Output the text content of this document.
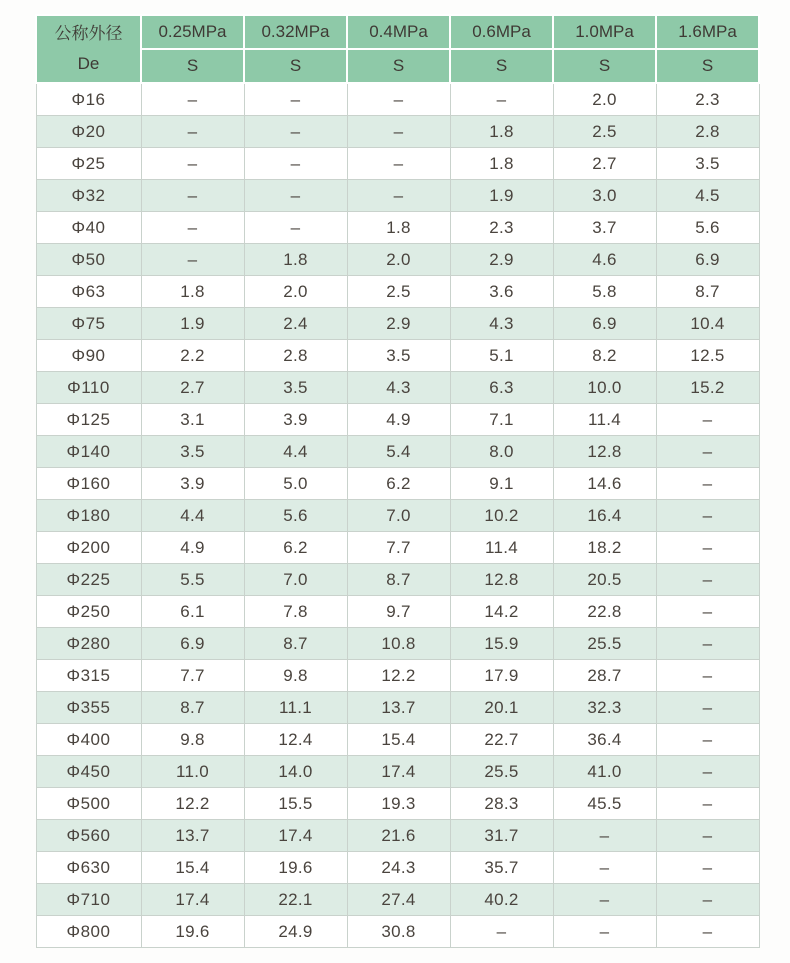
公称外径
De	0.25MPa	0.32MPa	0.4MPa	0.6MPa	1.0MPa	1.6MPa
	S	S	S	S	S	S
Φ16	–	–	–	–	2.0	2.3
Φ20	–	–	–	1.8	2.5	2.8
Φ25	–	–	–	1.8	2.7	3.5
Φ32	–	–	–	1.9	3.0	4.5
Φ40	–	–	1.8	2.3	3.7	5.6
Φ50	–	1.8	2.0	2.9	4.6	6.9
Φ63	1.8	2.0	2.5	3.6	5.8	8.7
Φ75	1.9	2.4	2.9	4.3	6.9	10.4
Φ90	2.2	2.8	3.5	5.1	8.2	12.5
Φ110	2.7	3.5	4.3	6.3	10.0	15.2
Φ125	3.1	3.9	4.9	7.1	11.4	–
Φ140	3.5	4.4	5.4	8.0	12.8	–
Φ160	3.9	5.0	6.2	9.1	14.6	–
Φ180	4.4	5.6	7.0	10.2	16.4	–
Φ200	4.9	6.2	7.7	11.4	18.2	–
Φ225	5.5	7.0	8.7	12.8	20.5	–
Φ250	6.1	7.8	9.7	14.2	22.8	–
Φ280	6.9	8.7	10.8	15.9	25.5	–
Φ315	7.7	9.8	12.2	17.9	28.7	–
Φ355	8.7	11.1	13.7	20.1	32.3	–
Φ400	9.8	12.4	15.4	22.7	36.4	–
Φ450	11.0	14.0	17.4	25.5	41.0	–
Φ500	12.2	15.5	19.3	28.3	45.5	–
Φ560	13.7	17.4	21.6	31.7	–	–
Φ630	15.4	19.6	24.3	35.7	–	–
Φ710	17.4	22.1	27.4	40.2	–	–
Φ800	19.6	24.9	30.8	–	–	–
